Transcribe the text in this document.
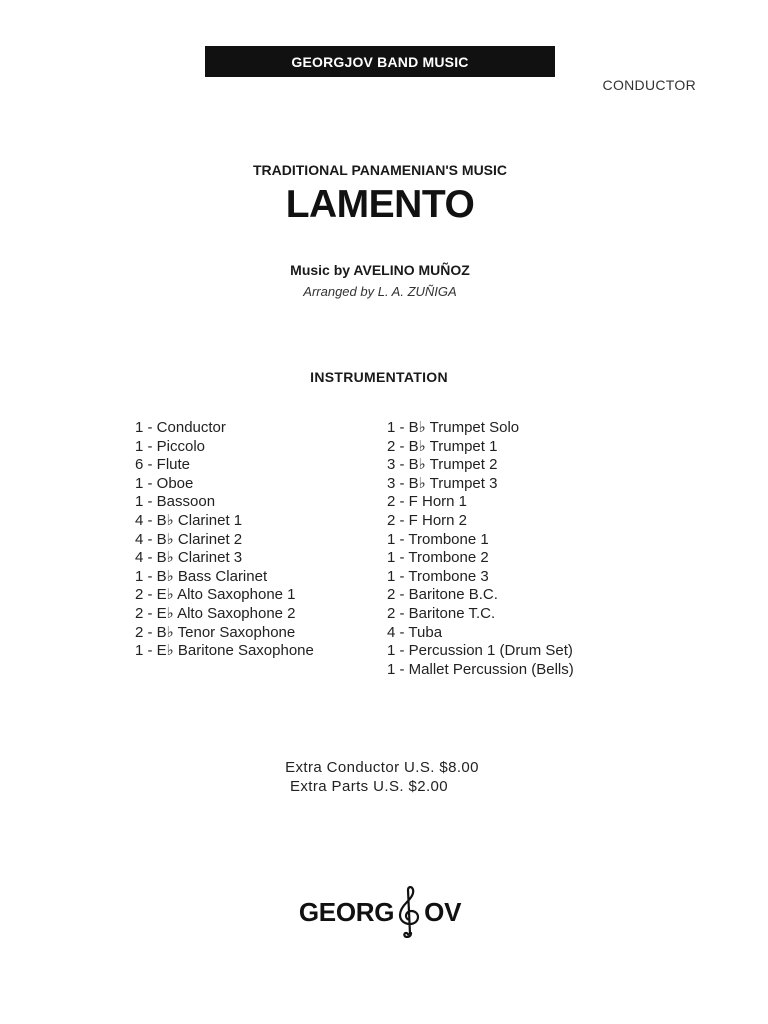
GEORGJOV BAND MUSIC
CONDUCTOR
TRADITIONAL PANAMENIAN'S MUSIC
LAMENTO
Music by AVELINO MUÑOZ
Arranged by L. A. ZUÑIGA
INSTRUMENTATION
1 - Conductor
1 - Piccolo
6 - Flute
1 - Oboe
1 - Bassoon
4 - B♭ Clarinet 1
4 - B♭ Clarinet 2
4 - B♭ Clarinet 3
1 - B♭ Bass Clarinet
2 - E♭ Alto Saxophone 1
2 - E♭ Alto Saxophone 2
2 - B♭ Tenor Saxophone
1 - E♭ Baritone Saxophone
1 - B♭ Trumpet Solo
2 - B♭ Trumpet 1
3 - B♭ Trumpet 2
3 - B♭ Trumpet 3
2 - F Horn 1
2 - F Horn 2
1 - Trombone 1
1 - Trombone 2
1 - Trombone 3
2 - Baritone B.C.
2 - Baritone T.C.
4 - Tuba
1 - Percussion 1 (Drum Set)
1 - Mallet Percussion (Bells)
Extra Conductor U.S. $8.00
Extra Parts U.S. $2.00
GEORG OV
